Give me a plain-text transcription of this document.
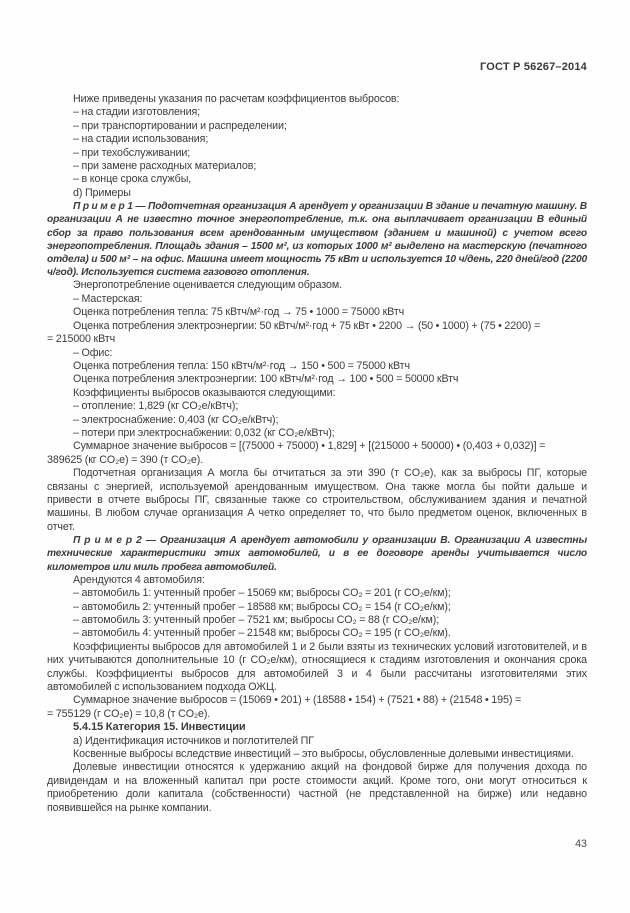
ГОСТ Р 56267–2014
Ниже приведены указания по расчетам коэффициентов выбросов:
– на стадии изготовления;
– при транспортировании и распределении;
– на стадии использования;
– при техобслуживании;
– при замене расходных материалов;
– в конце срока службы,
d) Примеры
П р и м е р 1 — Подотчетная организация А арендует у организации В здание и печатную машину. В организации А не известно точное энергопотребление, т.к. она выплачивает организации В единый сбор за право пользования всем арендованным имуществом (зданием и машиной) с учетом всего энергопотребления. Площадь здания – 1500 м², из которых 1000 м² выделено на мастерскую (печатного отдела) и 500 м² – на офис. Машина имеет мощность 75 кВт и используется 10 ч/день, 220 дней/год (2200 ч/год). Используется система газового отопления.
Энергопотребление оценивается следующим образом.
– Мастерская:
Оценка потребления тепла: 75 кВтч/м²·год → 75 • 1000 = 75000 кВтч
Оценка потребления электроэнергии: 50 кВтч/м²·год + 75 кВт • 2200 → (50 • 1000) + (75 • 2200) =
= 215000 кВтч
– Офис:
Оценка потребления тепла: 150 кВтч/м²·год → 150 • 500 = 75000 кВтч
Оценка потребления электроэнергии: 100 кВтч/м²·год → 100 • 500 = 50000 кВтч
Коэффициенты выбросов оказываются следующими:
– отопление: 1,829 (кг CO₂е/кВтч);
– электроснабжение: 0,403 (кг CO₂е/кВтч);
– потери при электроснабжении: 0,032 (кг CO₂е/кВтч);
Суммарное значение выбросов = [(75000 + 75000) • 1,829] + [(215000 + 50000) • (0,403 + 0,032)] =
389625 (кг CO₂е) = 390 (т CO₂е).
Подотчетная организация А могла бы отчитаться за эти 390 (т CO₂е), как за выбросы ПГ, которые связаны с энергией, используемой арендованным имуществом. Она также могла бы пойти дальше и привести в отчете выбросы ПГ, связанные также со строительством, обслуживанием здания и печатной машины. В любом случае организация А четко определяет то, что было предметом оценок, включенных в отчет.
П р и м е р 2 — Организация А арендует автомобили у организации В. Организации А известны технические характеристики этих автомобилей, и в ее договоре аренды учитывается число километров или миль пробега автомобилей.
Арендуются 4 автомобиля:
– автомобиль 1: учтенный пробег – 15069 км; выбросы CO₂ = 201 (г CO₂е/км);
– автомобиль 2: учтенный пробег – 18588 км; выбросы CO₂ = 154 (г CO₂е/км);
– автомобиль 3: учтенный пробег – 7521 км; выбросы CO₂ = 88 (г CO₂е/км);
– автомобиль 4: учтенный пробег – 21548 км; выбросы CO₂ = 195 (г CO₂е/км).
Коэффициенты выбросов для автомобилей 1 и 2 были взяты из технических условий изготовителей, и в них учитываются дополнительные 10 (г CO₂е/км), относящиеся к стадиям изготовления и окончания срока службы. Коэффициенты выбросов для автомобилей 3 и 4 были рассчитаны изготовителями этих автомобилей с использованием подхода ОЖЦ.
Суммарное значение выбросов = (15069 • 201) + (18588 • 154) + (7521 • 88) + (21548 • 195) =
= 755129 (г CO₂е) = 10,8 (т CO₂е).
5.4.15 Категория 15. Инвестиции
а) Идентификация источников и поглотителей ПГ
Косвенные выбросы вследствие инвестиций – это выбросы, обусловленные долевыми инвестициями.
Долевые инвестиции относятся к удержанию акций на фондовой бирже для получения дохода по дивидендам и на вложенный капитал при росте стоимости акций. Кроме того, они могут относиться к приобретению доли капитала (собственности) частной (не представленной на бирже) или недавно появившейся на рынке компании.
43
